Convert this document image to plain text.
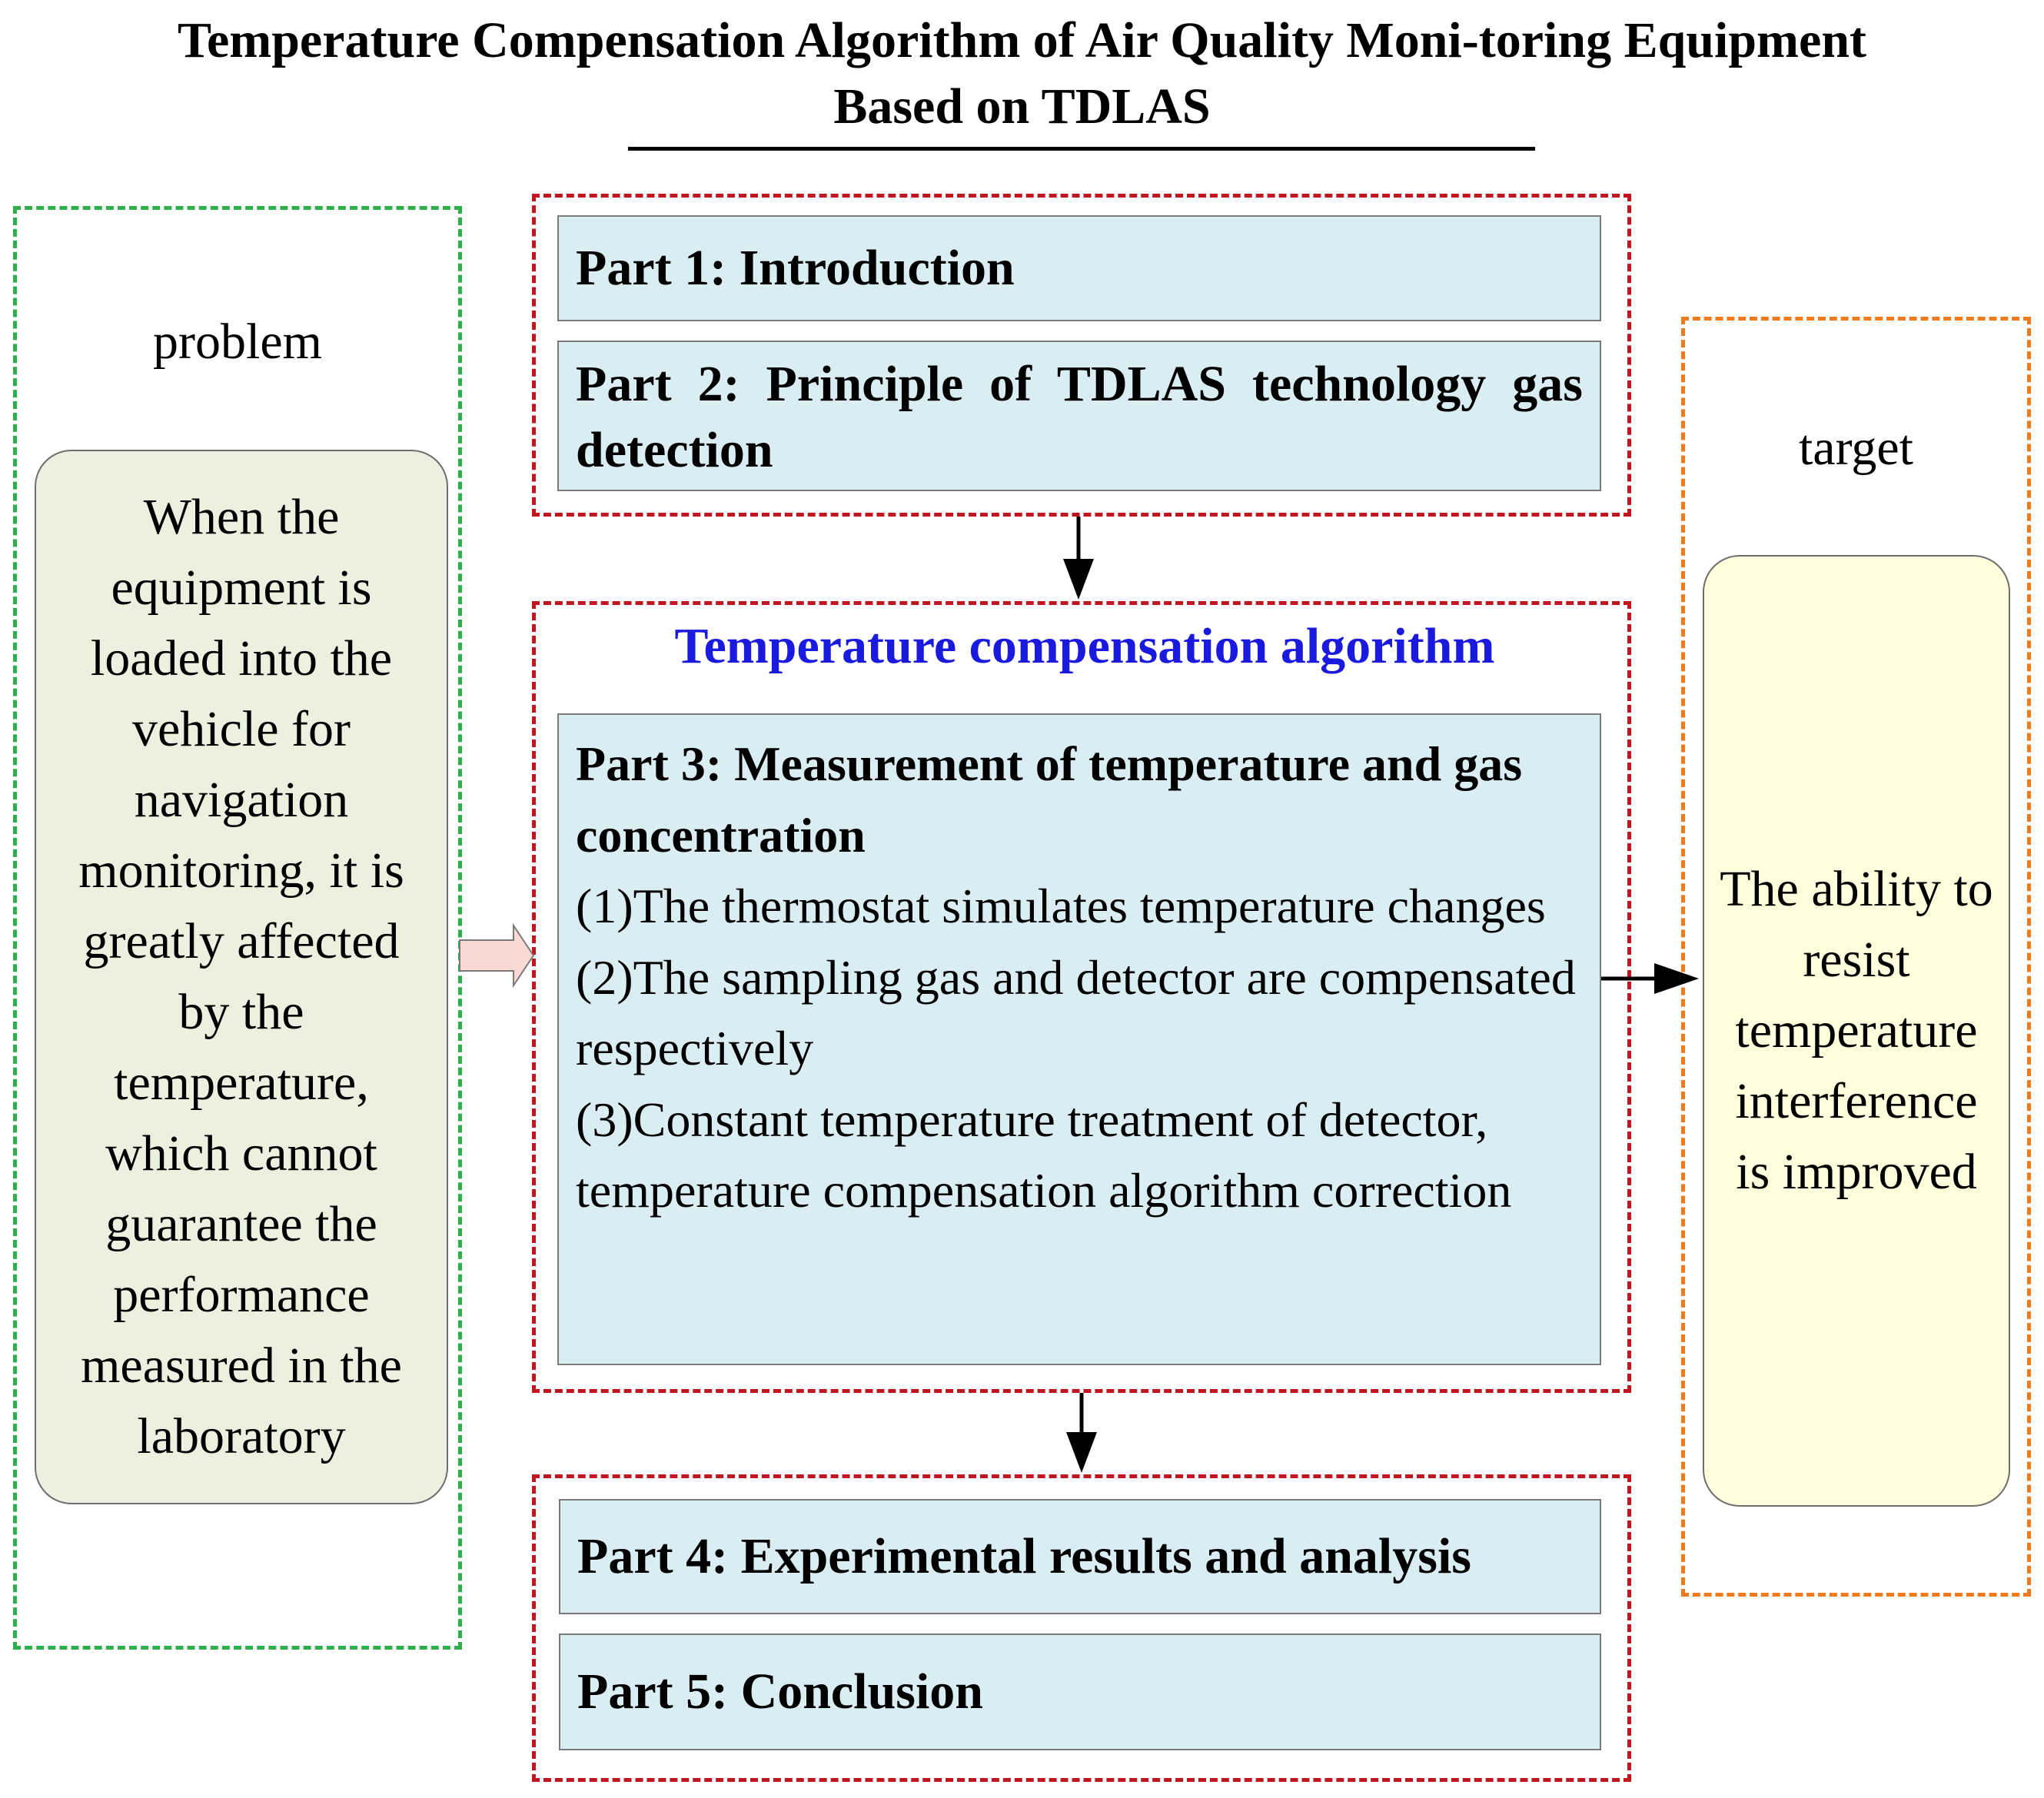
Temperature Compensation Algorithm of Air Quality Moni-toring Equipment
Based on TDLAS
problem
When the equipment is loaded into the vehicle for navigation monitoring, it is greatly affected by the temperature, which cannot guarantee the performance measured in the laboratory
target
The ability to resist temperature interference is improved
Part 1: Introduction
Part 2: Principle of TDLAS technology gas detection
Temperature compensation algorithm
Part 3: Measurement of temperature and gas concentration
(1)The thermostat simulates temperature changes
(2)The sampling gas and detector are compensated respectively
(3)Constant temperature treatment of detector, temperature compensation algorithm correction
Part 4: Experimental results and analysis
Part 5: Conclusion
